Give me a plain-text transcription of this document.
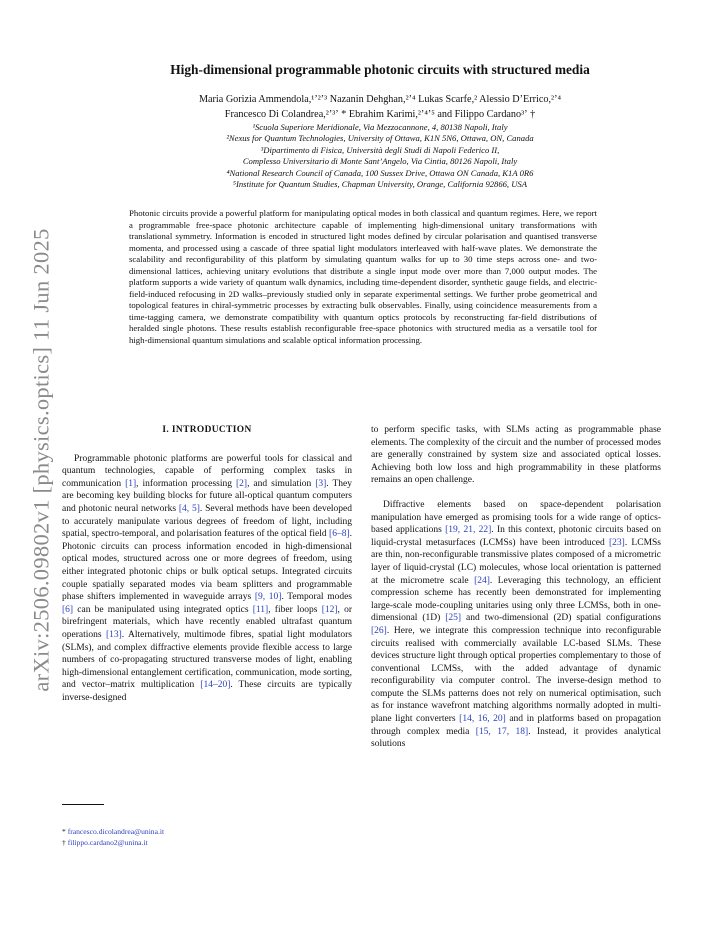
arXiv:2506.09802v1 [physics.optics] 11 Jun 2025
High-dimensional programmable photonic circuits with structured media
Maria Gorizia Ammendola,¹ʼ²ʼ³ Nazanin Dehghan,²ʼ⁴ Lukas Scarfe,² Alessio D’Errico,²ʼ⁴
Francesco Di Colandrea,²ʼ³ʼ * Ebrahim Karimi,²ʼ⁴ʼ⁵ and Filippo Cardano³ʼ †
¹Scuola Superiore Meridionale, Via Mezzocannone, 4, 80138 Napoli, Italy
²Nexus for Quantum Technologies, University of Ottawa, K1N 5N6, Ottawa, ON, Canada
³Dipartimento di Fisica, Università degli Studi di Napoli Federico II,
Complesso Universitario di Monte Sant’Angelo, Via Cintia, 80126 Napoli, Italy
⁴National Research Council of Canada, 100 Sussex Drive, Ottawa ON Canada, K1A 0R6
⁵Institute for Quantum Studies, Chapman University, Orange, California 92866, USA
Photonic circuits provide a powerful platform for manipulating optical modes in both classical and quantum regimes. Here, we report a programmable free-space photonic architecture capable of implementing high-dimensional unitary transformations with translational symmetry. Information is encoded in structured light modes defined by circular polarisation and quantised transverse momenta, and processed using a cascade of three spatial light modulators interleaved with half-wave plates. We demonstrate the scalability and reconfigurability of this platform by simulating quantum walks for up to 30 time steps across one- and two-dimensional lattices, achieving unitary evolutions that distribute a single input mode over more than 7,000 output modes. The platform supports a wide variety of quantum walk dynamics, including time-dependent disorder, synthetic gauge fields, and electric-field-induced refocusing in 2D walks–previously studied only in separate experimental settings. We further probe geometrical and topological features in chiral-symmetric processes by extracting bulk observables. Finally, using coincidence measurements from a time-tagging camera, we demonstrate compatibility with quantum optics protocols by reconstructing far-field distributions of heralded single photons. These results establish reconfigurable free-space photonics with structured media as a versatile tool for high-dimensional quantum simulations and scalable optical information processing.
I. INTRODUCTION

Programmable photonic platforms are powerful tools for classical and quantum technologies, capable of performing complex tasks in communication [1], information processing [2], and simulation [3]. They are becoming key building blocks for future all-optical quantum computers and photonic neural networks [4, 5]. Several methods have been developed to accurately manipulate various degrees of freedom of light, including spatial, spectro-temporal, and polarisation features of the optical field [6–8]. Photonic circuits can process information encoded in high-dimensional optical modes, structured across one or more degrees of freedom, using either integrated photonic chips or bulk optical setups. Integrated circuits couple spatially separated modes via beam splitters and programmable phase shifters implemented in waveguide arrays [9, 10]. Temporal modes [6] can be manipulated using integrated optics [11], fiber loops [12], or birefringent materials, which have recently enabled ultrafast quantum operations [13]. Alternatively, multimode fibres, spatial light modulators (SLMs), and complex diffractive elements provide flexible access to large numbers of co-propagating structured transverse modes of light, enabling high-dimensional entanglement certification, communication, mode sorting, and vector–matrix multiplication [14–20]. These circuits are typically inverse-designed

to perform specific tasks, with SLMs acting as programmable phase elements. The complexity of the circuit and the number of processed modes are generally constrained by system size and associated optical losses. Achieving both low loss and high programmability in these platforms remains an open challenge.

Diffractive elements based on space-dependent polarisation manipulation have emerged as promising tools for a wide range of optics-based applications [19, 21, 22]. In this context, photonic circuits based on liquid-crystal metasurfaces (LCMSs) have been introduced [23]. LCMSs are thin, non-reconfigurable transmissive plates composed of a micrometric layer of liquid-crystal (LC) molecules, whose local orientation is patterned at the micrometre scale [24]. Leveraging this technology, an efficient compression scheme has recently been demonstrated for implementing large-scale mode-coupling unitaries using only three LCMSs, both in one-dimensional (1D) [25] and two-dimensional (2D) spatial configurations [26]. Here, we integrate this compression technique into reconfigurable circuits realised with commercially available LC-based SLMs. These devices structure light through optical properties complementary to those of conventional LCMSs, with the added advantage of dynamic reconfigurability via computer control. The inverse-design method to compute the SLMs patterns does not rely on numerical optimisation, such as for instance wavefront matching algorithms normally adopted in multi-plane light converters [14, 16, 20] and in platforms based on propagation through complex media [15, 17, 18]. Instead, it provides analytical solutions

* francesco.dicolandrea@unina.it
† filippo.cardano2@unina.it
